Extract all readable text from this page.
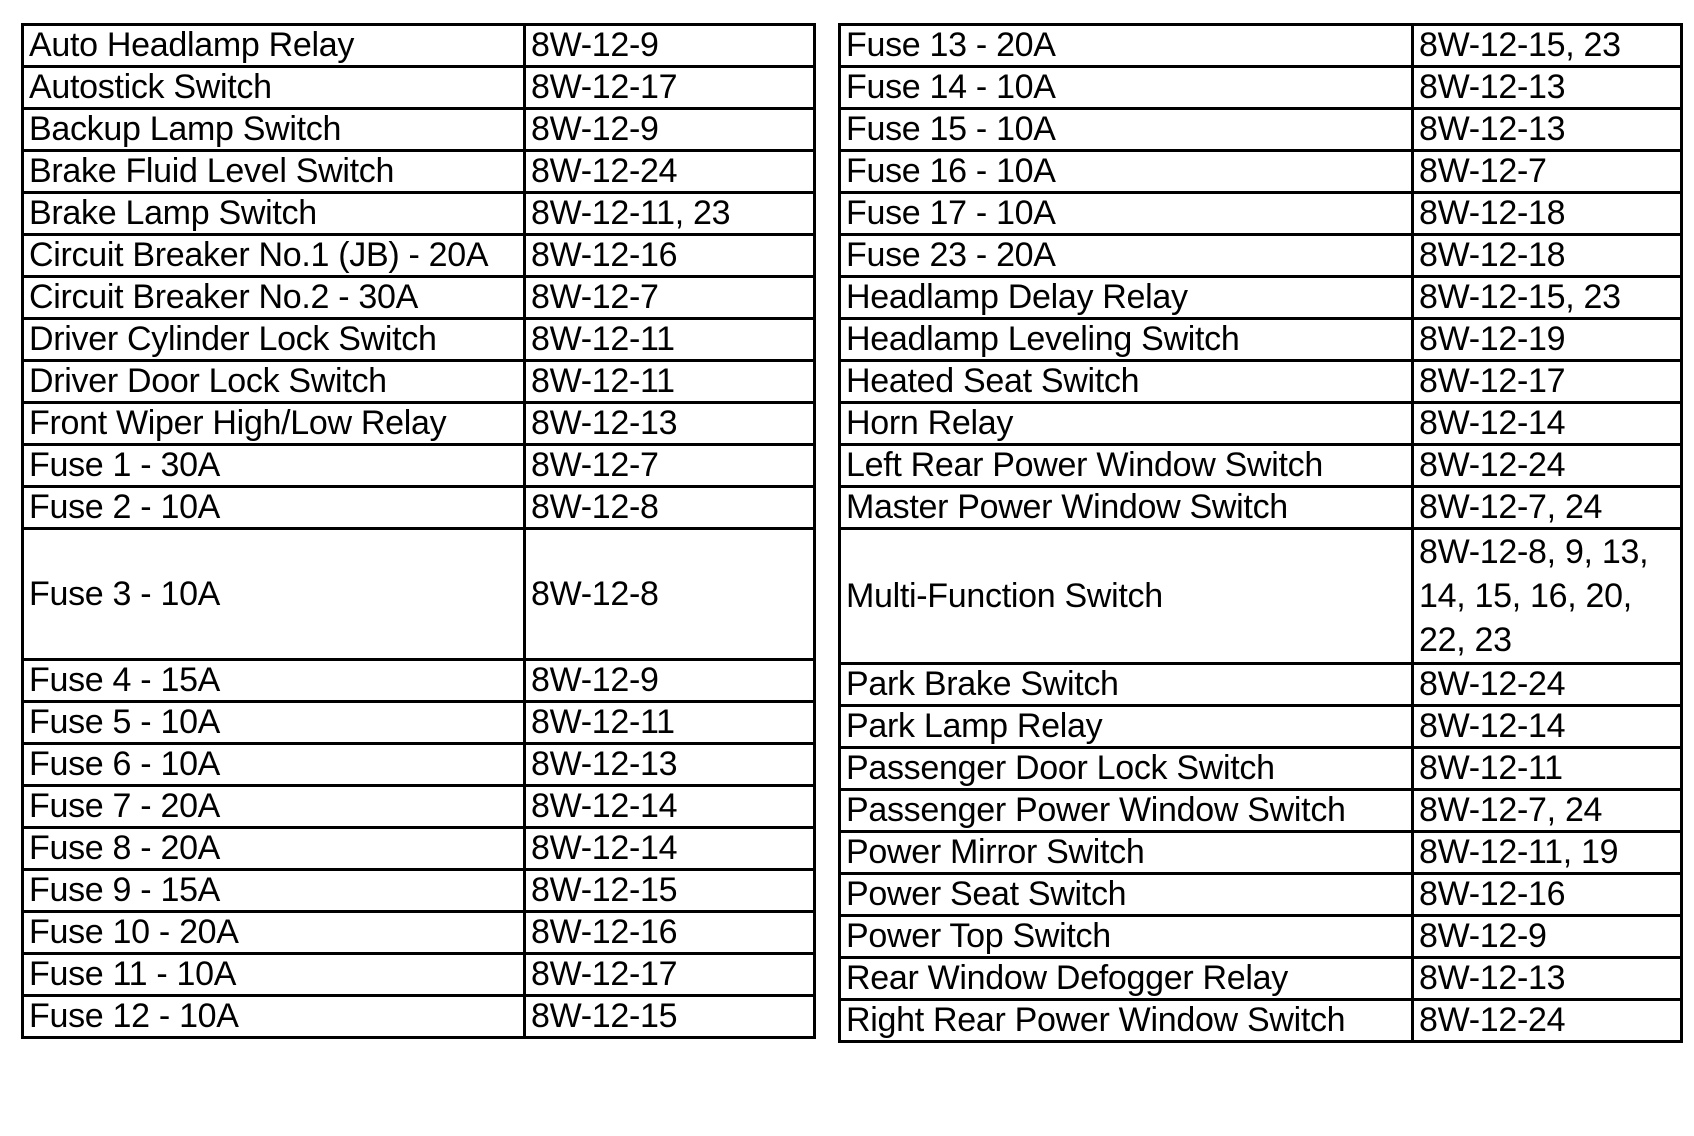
Auto Headlamp Relay	8W-12-9
Autostick Switch	8W-12-17
Backup Lamp Switch	8W-12-9
Brake Fluid Level Switch	8W-12-24
Brake Lamp Switch	8W-12-11, 23
Circuit Breaker No.1 (JB) - 20A	8W-12-16
Circuit Breaker No.2 - 30A	8W-12-7
Driver Cylinder Lock Switch	8W-12-11
Driver Door Lock Switch	8W-12-11
Front Wiper High/Low Relay	8W-12-13
Fuse 1 - 30A	8W-12-7
Fuse 2 - 10A	8W-12-8
Fuse 3 - 10A	8W-12-8
Fuse 4 - 15A	8W-12-9
Fuse 5 - 10A	8W-12-11
Fuse 6 - 10A	8W-12-13
Fuse 7 - 20A	8W-12-14
Fuse 8 - 20A	8W-12-14
Fuse 9 - 15A	8W-12-15
Fuse 10 - 20A	8W-12-16
Fuse 11 - 10A	8W-12-17
Fuse 12 - 10A	8W-12-15
Fuse 13 - 20A	8W-12-15, 23
Fuse 14 - 10A	8W-12-13
Fuse 15 - 10A	8W-12-13
Fuse 16 - 10A	8W-12-7
Fuse 17 - 10A	8W-12-18
Fuse 23 - 20A	8W-12-18
Headlamp Delay Relay	8W-12-15, 23
Headlamp Leveling Switch	8W-12-19
Heated Seat Switch	8W-12-17
Horn Relay	8W-12-14
Left Rear Power Window Switch	8W-12-24
Master Power Window Switch	8W-12-7, 24
Multi-Function Switch	8W-12-8, 9, 13, 14, 15, 16, 20, 22, 23
Park Brake Switch	8W-12-24
Park Lamp Relay	8W-12-14
Passenger Door Lock Switch	8W-12-11
Passenger Power Window Switch	8W-12-7, 24
Power Mirror Switch	8W-12-11, 19
Power Seat Switch	8W-12-16
Power Top Switch	8W-12-9
Rear Window Defogger Relay	8W-12-13
Right Rear Power Window Switch	8W-12-24
